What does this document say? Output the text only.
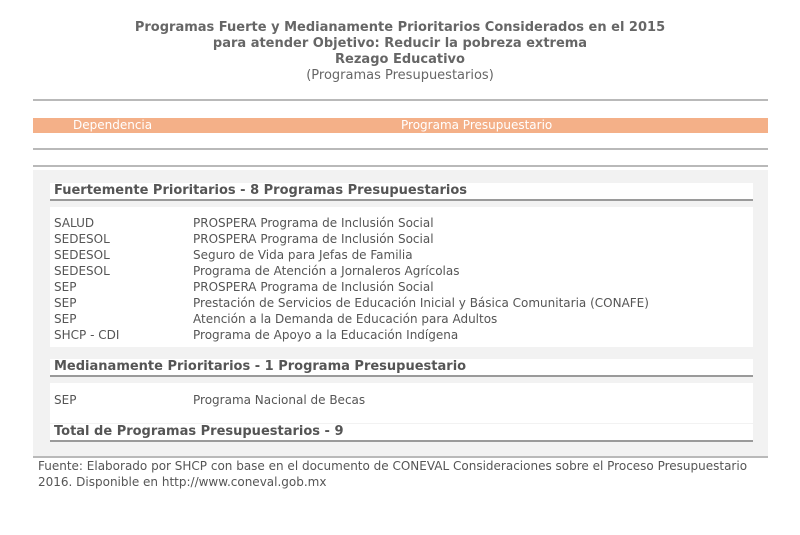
Programas Fuerte y Medianamente Prioritarios Considerados en el 2015
para atender Objetivo: Reducir la pobreza extrema
Rezago Educativo
(Programas Presupuestarios)
Dependencia	Programa Presupuestario
Fuertemente Prioritarios - 8 Programas Presupuestarios
SALUD	PROSPERA Programa de Inclusión Social
SEDESOL	PROSPERA Programa de Inclusión Social
SEDESOL	Seguro de Vida para Jefas de Familia
SEDESOL	Programa de Atención a Jornaleros Agrícolas
SEP	PROSPERA Programa de Inclusión Social
SEP	Prestación de Servicios de Educación Inicial y Básica Comunitaria (CONAFE)
SEP	Atención a la Demanda de Educación para Adultos
SHCP - CDI	Programa de Apoyo a la Educación Indígena
Medianamente Prioritarios - 1 Programa Presupuestario
SEP	Programa Nacional de Becas
Total de Programas Presupuestarios - 9
Fuente: Elaborado por SHCP con base en el documento de CONEVAL Consideraciones sobre el Proceso Presupuestario 2016. Disponible en http://www.coneval.gob.mx
